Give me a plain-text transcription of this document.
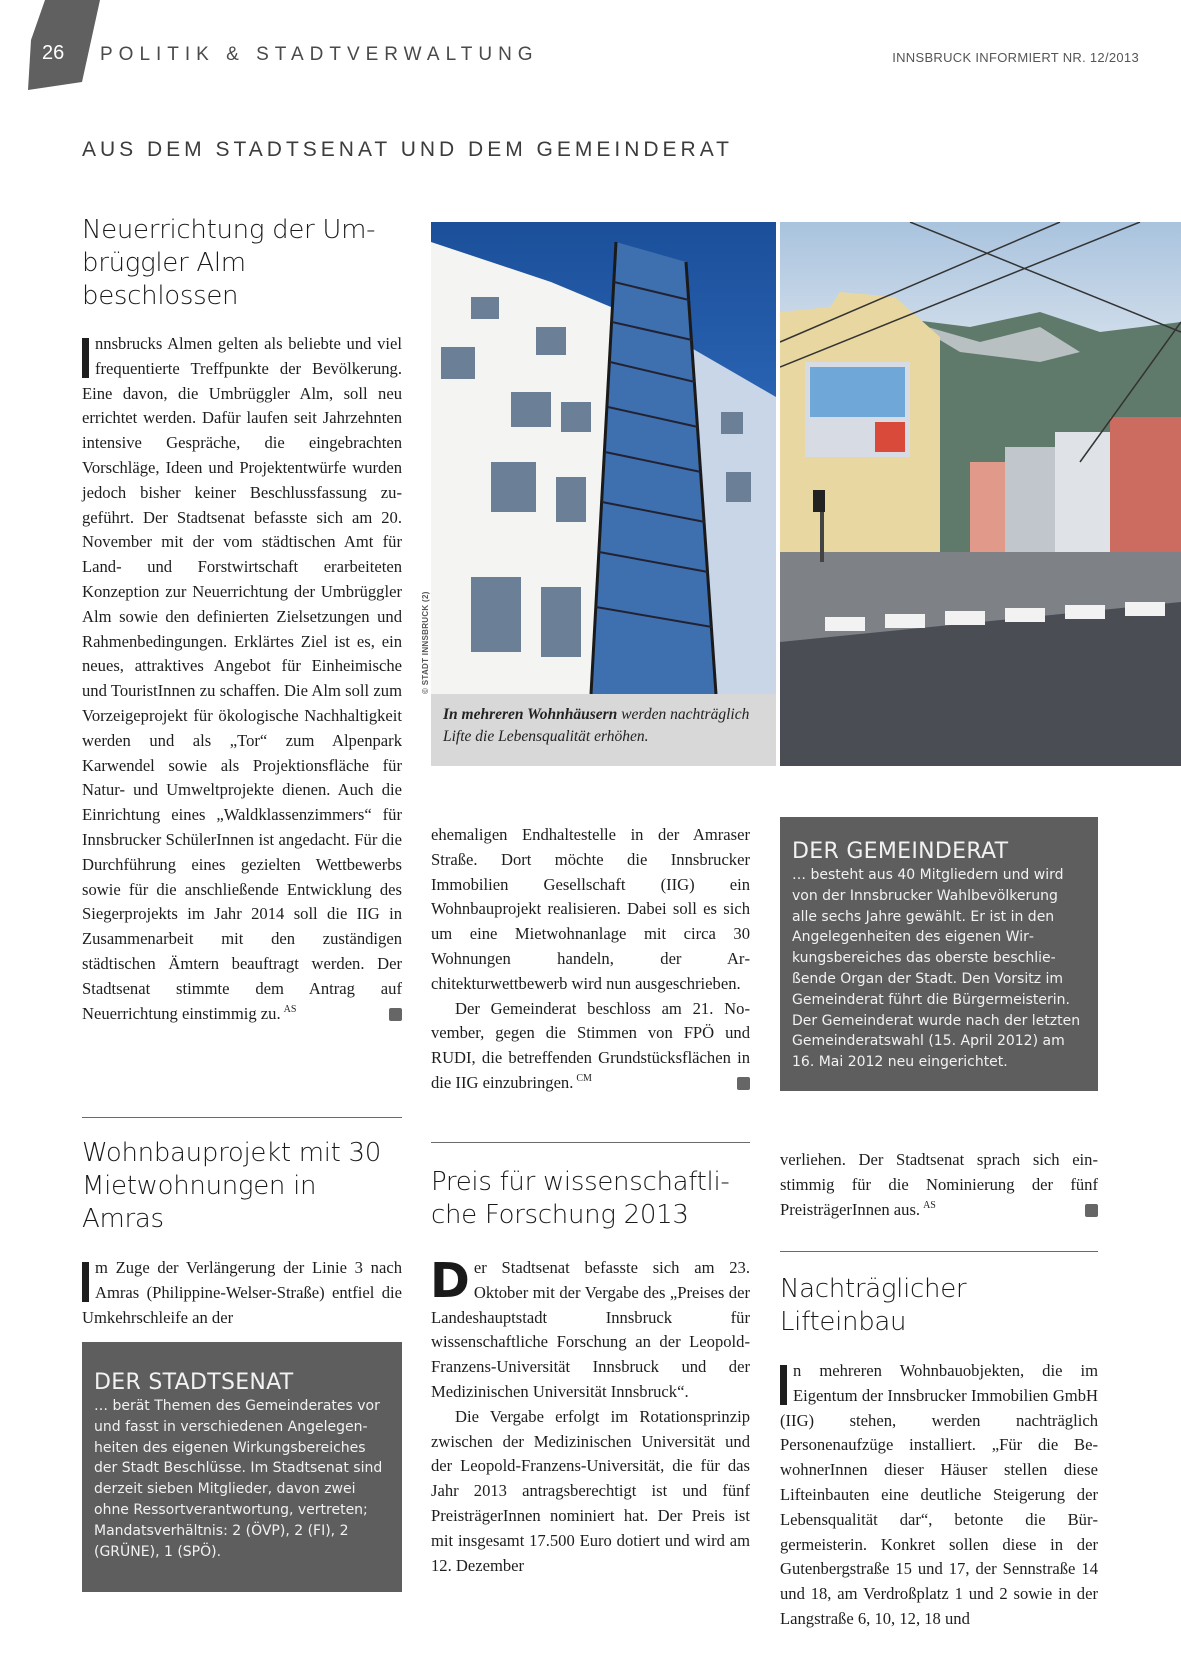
26 POLITIK & STADTVERWALTUNG	INNSBRUCK INFORMIERT NR. 12/2013
AUS DEM STADTSENAT UND DEM GEMEINDERAT
Neuerrichtung der Um-
brüggler Alm beschlossen

nnsbrucks Almen gelten als beliebte und viel frequentierte Treffpunkte der Bevölkerung. Eine davon, die Umbrüggler Alm, soll neu errichtet werden. Dafür laufen seit Jahrzehnten intensive Gespräche, die eingebrachten Vorschläge, Ideen und Projektentwürfe wurden jedoch bisher keiner Beschlussfassung zugeführt. Der Stadtsenat befasste sich am 20. November mit der vom städtischen Amt für Land- und Forstwirtschaft erarbeiteten Konzeption zur Neuerrichtung der Umbrüggler Alm sowie den definierten Zielsetzungen und Rahmenbedingungen. Erklärtes Ziel ist es, ein neues, attraktives Angebot für Einheimische und TouristInnen zu schaffen. Die Alm soll zum Vorzeigeprojekt für ökologische Nachhaltigkeit werden und als „Tor“ zum Alpenpark Karwendel sowie als Projektionsfläche für Natur- und Umweltprojekte dienen. Auch die Einrichtung eines „Waldklassenzimmers“ für Innsbrucker SchülerInnen ist angedacht. Für die Durchführung eines gezielten Wettbewerbs sowie für die anschließende Entwicklung des Siegerprojekts im Jahr 2014 soll die IIG in Zusammenarbeit mit den zuständigen städtischen Ämtern beauftragt werden. Der Stadtsenat stimmte dem Antrag auf Neuerrichtung einstimmig zu. $^{AS}$

Wohnbauprojekt mit 30
Mietwohnungen in Amras

m Zuge der Verlängerung der Linie 3 nach Amras (Philippine-Welser-Straße) entfiel die Umkehrschleife an der

DER STADTSENAT
… berät Themen des Gemeinderates vor und fasst in verschiedenen Angelegenheiten des eigenen Wirkungsbereiches der Stadt Beschlüsse. Im Stadtsenat sind derzeit sieben Mitglieder, davon zwei ohne Ressortverantwortung, vertreten; Mandatsverhältnis: 2 (ÖVP), 2 (FI), 2 (GRÜNE), 1 (SPÖ).
© STADT INNSBRUCK (2)
In mehreren Wohnhäusern werden nachträglich Lifte die Lebensqualität erhöhen.

ehemaligen Endhaltestelle in der Amraser Straße. Dort möchte die Innsbrucker Immobilien Gesellschaft (IIG) ein Wohnbauprojekt realisieren. Dabei soll es sich um eine Mietwohnanlage mit circa 30 Wohnungen handeln, der Architekturwettbewerb wird nun ausgeschrieben.

Der Gemeinderat beschloss am 21. November, gegen die Stimmen von FPÖ und RUDI, die betreffenden Grundstücksflächen in die IIG einzubringen. $^{CM}$

Preis für wissenschaftli-
che Forschung 2013

Der Stadtsenat befasste sich am 23. Oktober mit der Vergabe des „Preises der Landeshauptstadt Innsbruck für wissenschaftliche Forschung an der Leopold-Franzens-Universität Innsbruck und der Medizinischen Universität Innsbruck“.

Die Vergabe erfolgt im Rotationsprinzip zwischen der Medizinischen Universität und der Leopold-Franzens-Universität, die für das Jahr 2013 antragsberechtigt ist und fünf PreisträgerInnen nominiert hat. Der Preis ist mit insgesamt 17.500 Euro dotiert und wird am 12. Dezember

DER GEMEINDERAT
… besteht aus 40 Mitgliedern und wird von der Innsbrucker Wahlbevölkerung alle sechs Jahre gewählt. Er ist in den Angelegenheiten des eigenen Wirkungsbereiches das oberste beschließende Organ der Stadt. Den Vorsitz im Gemeinderat führt die Bürgermeisterin. Der Gemeinderat wurde nach der letzten Gemeinderatswahl (15. April 2012) am 16. Mai 2012 neu eingerichtet.

verliehen. Der Stadtsenat sprach sich einstimmig für die Nominierung der fünf PreisträgerInnen aus. $^{AS}$

Nachträglicher Lifteinbau

n mehreren Wohnbauobjekten, die im Eigentum der Innsbrucker Immobilien GmbH (IIG) stehen, werden nachträglich Personenaufzüge installiert. „Für die BewohnerInnen dieser Häuser stellen diese Lifteinbauten eine deutliche Steigerung der Lebensqualität dar“, betonte die Bürgermeisterin. Konkret sollen diese in der Gutenbergstraße 15 und 17, der Sennstraße 14 und 18, am Verdroßplatz 1 und 2 sowie in der Langstraße 6, 10, 12, 18 und
